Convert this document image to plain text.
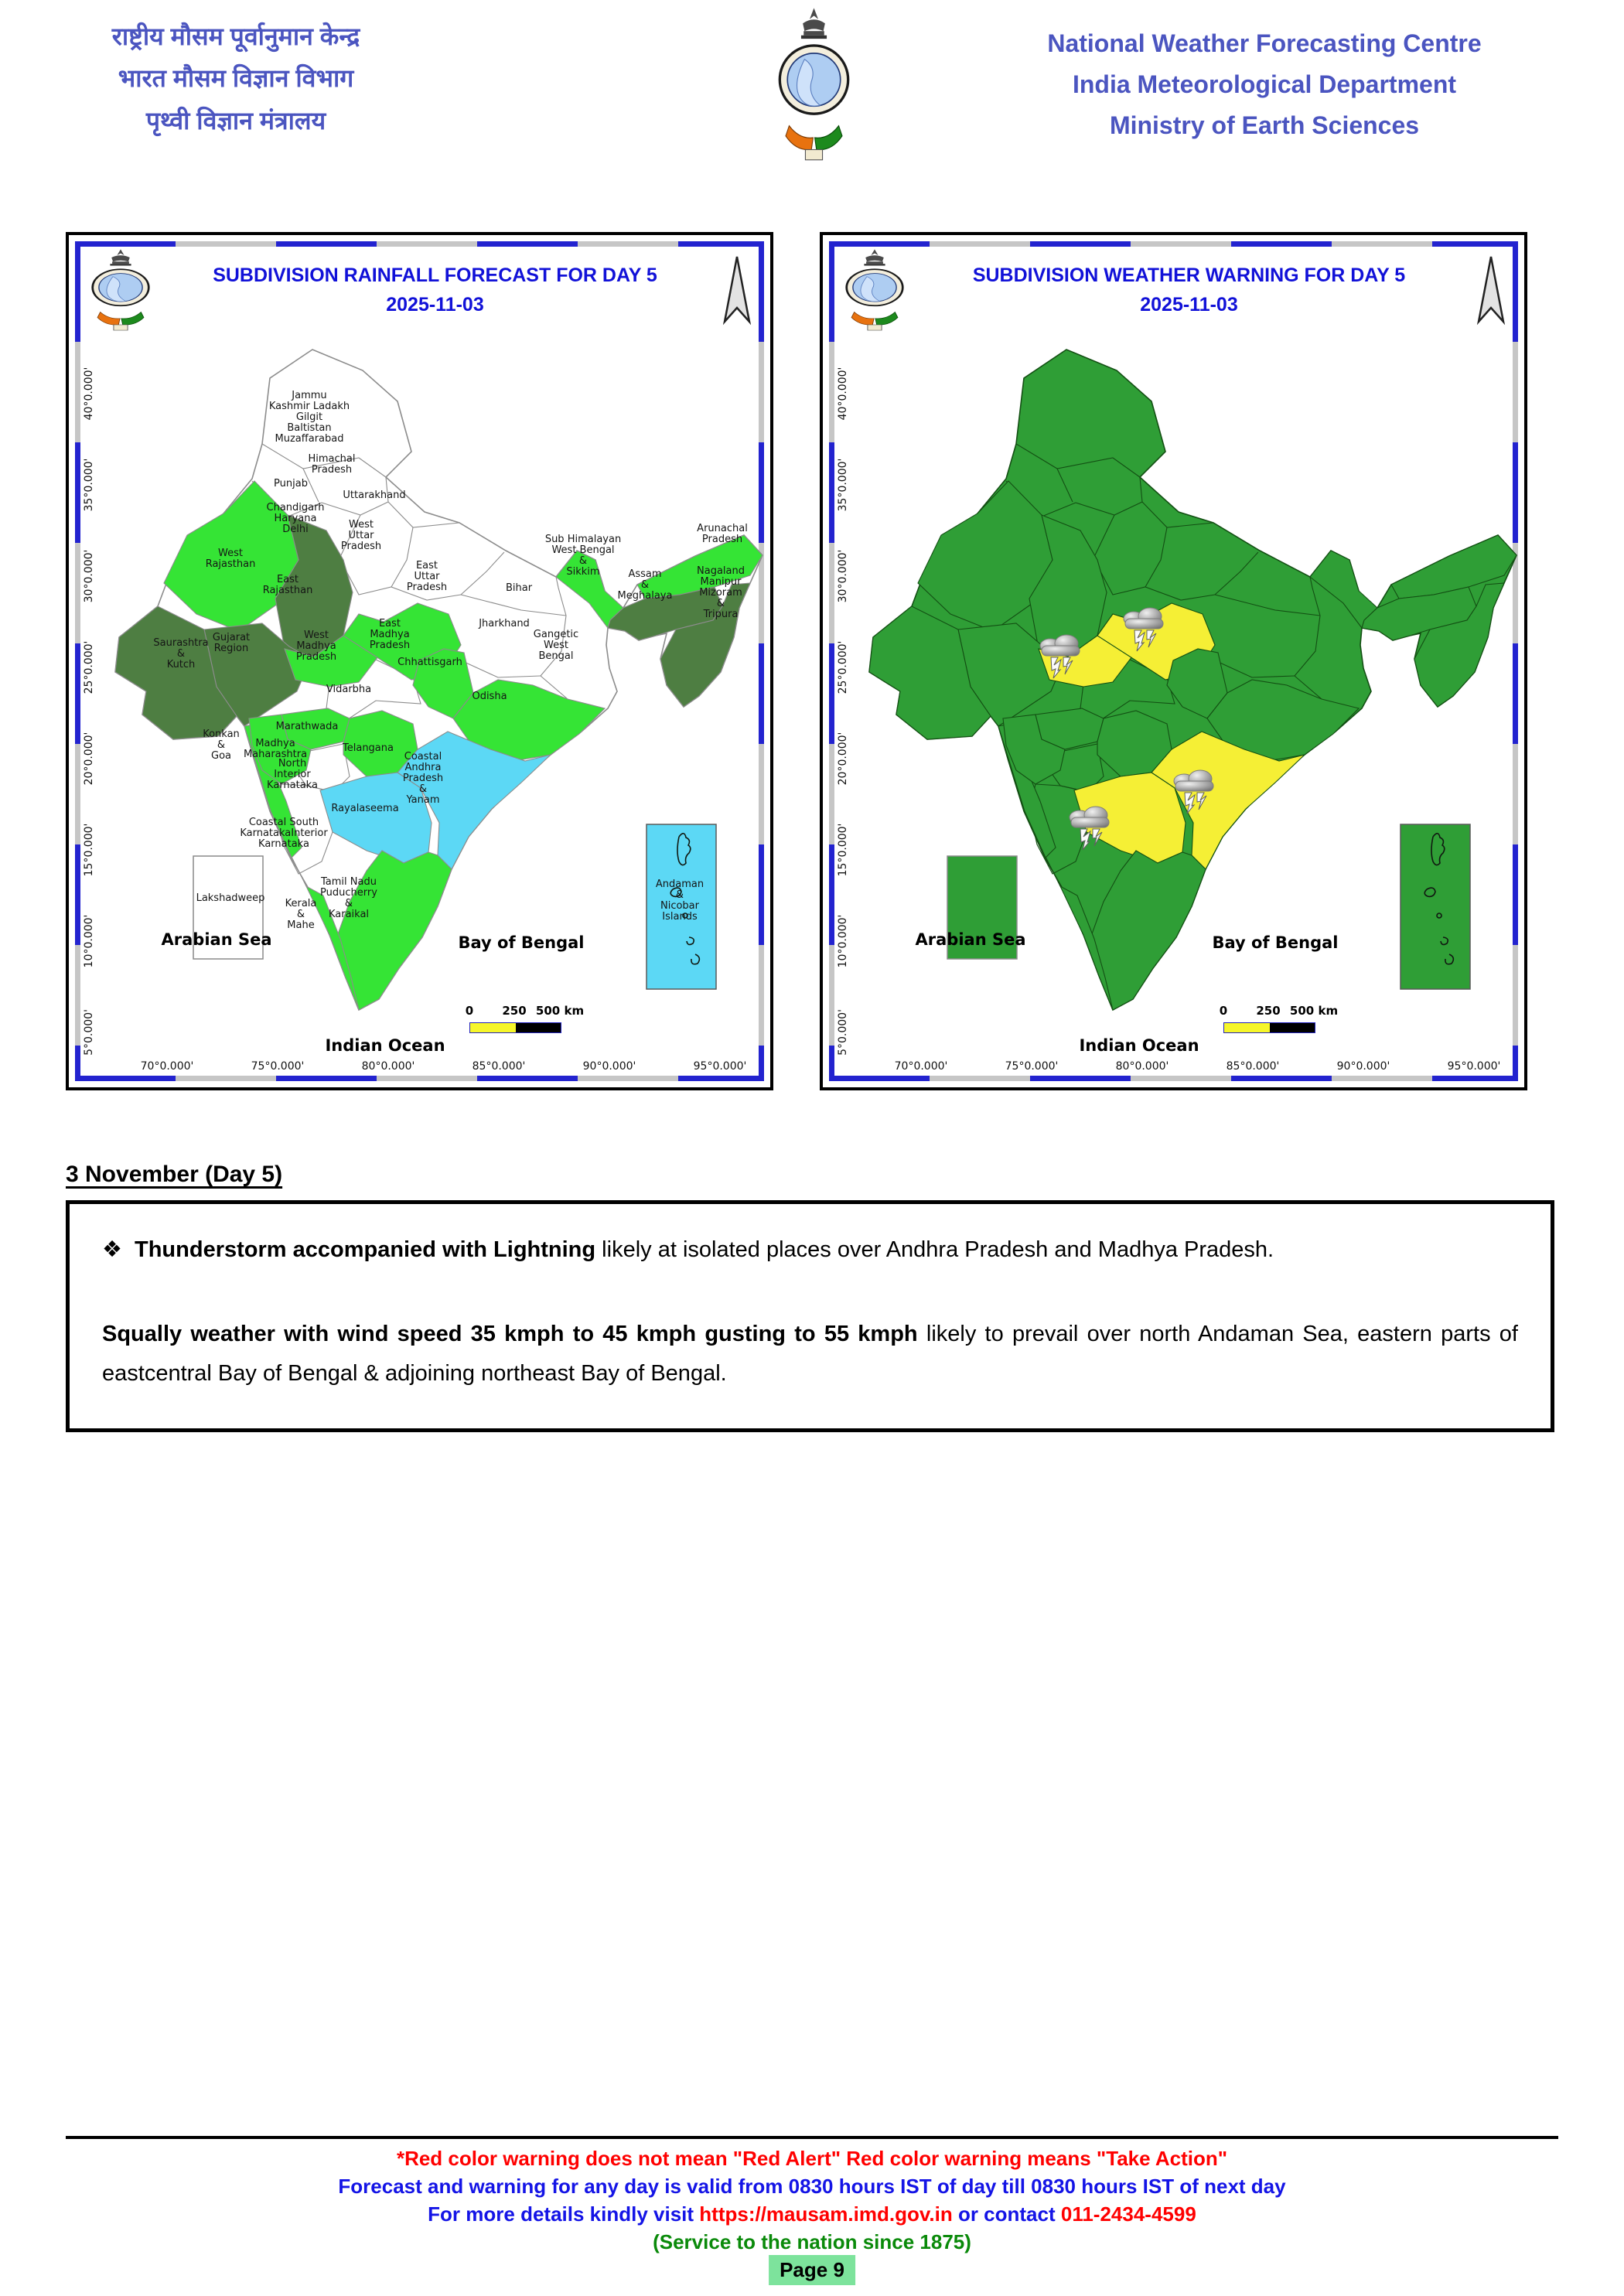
राष्ट्रीय मौसम पूर्वानुमान केन्द्र
भारत मौसम विज्ञान विभाग
पृथ्वी विज्ञान मंत्रालय
National Weather Forecasting Centre
India Meteorological Department
Ministry of Earth Sciences
SUBDIVISION RAINFALL FORECAST FOR DAY 5
2025-11-03
Jammu
Kashmir Ladakh
Gilgit
Baltistan
Muzaffarabad
Himachal
Pradesh
Punjab
Uttarakhand
Chandigarh
Haryana
Delhi	West
Uttar
Pradesh
East
Uttar
Pradesh	Bihar
Jharkhand
Gangetic
West
Bengal
Sub Himalayan
West Bengal
&
Sikkim
Arunachal
Pradesh
Assam
&
Meghalaya
Nagaland
Manipur
Mizoram
&
Tripura
West
Rajasthan
East
Rajasthan
Saurashtra
&
Kutch
Gujarat
Region
West
Madhya
Pradesh
East
Madhya
Pradesh
Chhattisgarh
Odisha
Vidarbha
Marathwada
Madhya
Maharashtra
Konkan
&
Goa
Telangana
Coastal
Andhra
Pradesh
&
Yanam
North
Interior
Karnataka
Rayalaseema
Coastal South
KarnatakaInterior
Karnataka
Tamil Nadu
Puducherry
&
Karaikal
Kerala
&
Mahe
Lakshadweep
Andaman
&
Nicobar
Islands
Arabian Sea	Bay of Bengal
Indian Ocean
0 250 500 km
40°0.000'
35°0.000'
30°0.000'
25°0.000'
20°0.000'
15°0.000'
10°0.000'
5°0.000'
70°0.000'	75°0.000'	80°0.000'	85°0.000'	90°0.000'	95°0.000'
SUBDIVISION WEATHER WARNING FOR DAY 5
2025-11-03
Arabian Sea	Bay of Bengal
Indian Ocean
0 250 500 km
40°0.000'
35°0.000'
30°0.000'
25°0.000'
20°0.000'
15°0.000'
10°0.000'
5°0.000'
70°0.000'	75°0.000'	80°0.000'	85°0.000'	90°0.000'	95°0.000'
3 November (Day 5)

❖ Thunderstorm accompanied with Lightning likely at isolated places over Andhra Pradesh and Madhya Pradesh.

Squally weather with wind speed 35 kmph to 45 kmph gusting to 55 kmph likely to prevail over north Andaman Sea, eastern parts of eastcentral Bay of Bengal & adjoining northeast Bay of Bengal.

*Red color warning does not mean "Red Alert" Red color warning means "Take Action"
Forecast and warning for any day is valid from 0830 hours IST of day till 0830 hours IST of next day
For more details kindly visit https://mausam.imd.gov.in or contact 011-2434-4599
(Service to the nation since 1875)
Page 9
